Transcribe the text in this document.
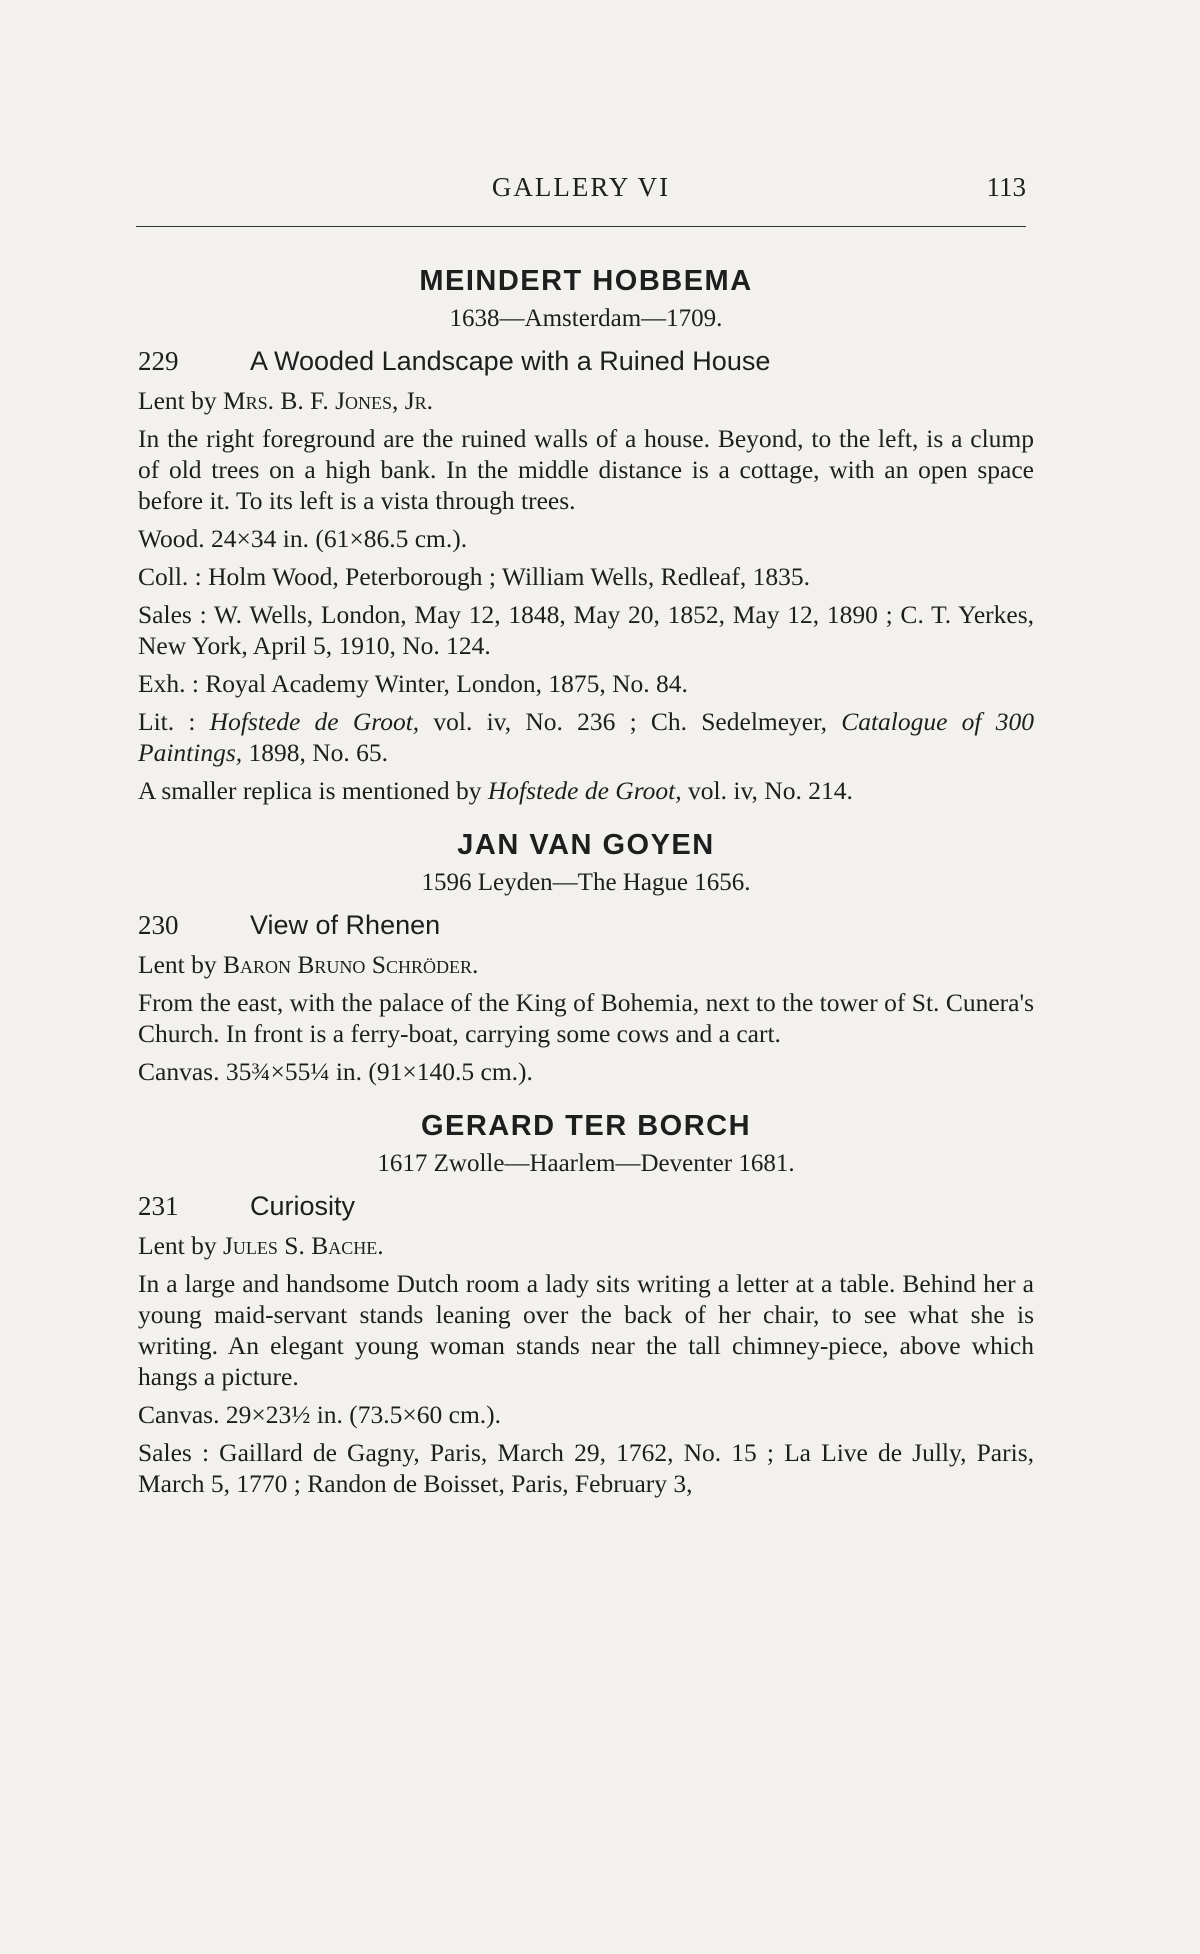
GALLERY VI	113
MEINDERT HOBBEMA
1638—Amsterdam—1709.
229	A Wooded Landscape with a Ruined House

Lent by Mrs. B. F. Jones, Jr.

In the right foreground are the ruined walls of a house. Beyond, to the left, is a clump of old trees on a high bank. In the middle distance is a cottage, with an open space before it. To its left is a vista through trees.

Wood. 24×34 in. (61×86.5 cm.).

Coll. : Holm Wood, Peterborough ; William Wells, Redleaf, 1835.

Sales : W. Wells, London, May 12, 1848, May 20, 1852, May 12, 1890 ; C. T. Yerkes, New York, April 5, 1910, No. 124.

Exh. : Royal Academy Winter, London, 1875, No. 84.

Lit. : Hofstede de Groot, vol. iv, No. 236 ; Ch. Sedelmeyer, Catalogue of 300 Paintings, 1898, No. 65.

A smaller replica is mentioned by Hofstede de Groot, vol. iv, No. 214.

JAN VAN GOYEN
1596 Leyden—The Hague 1656.
230	View of Rhenen

Lent by Baron Bruno Schröder.

From the east, with the palace of the King of Bohemia, next to the tower of St. Cunera's Church. In front is a ferry-boat, carrying some cows and a cart.

Canvas. 35¾×55¼ in. (91×140.5 cm.).

GERARD TER BORCH
1617 Zwolle—Haarlem—Deventer 1681.
231	Curiosity

Lent by Jules S. Bache.

In a large and handsome Dutch room a lady sits writing a letter at a table. Behind her a young maid-servant stands leaning over the back of her chair, to see what she is writing. An elegant young woman stands near the tall chimney-piece, above which hangs a picture.

Canvas. 29×23½ in. (73.5×60 cm.).

Sales : Gaillard de Gagny, Paris, March 29, 1762, No. 15 ; La Live de Jully, Paris, March 5, 1770 ; Randon de Boisset, Paris, February 3,
